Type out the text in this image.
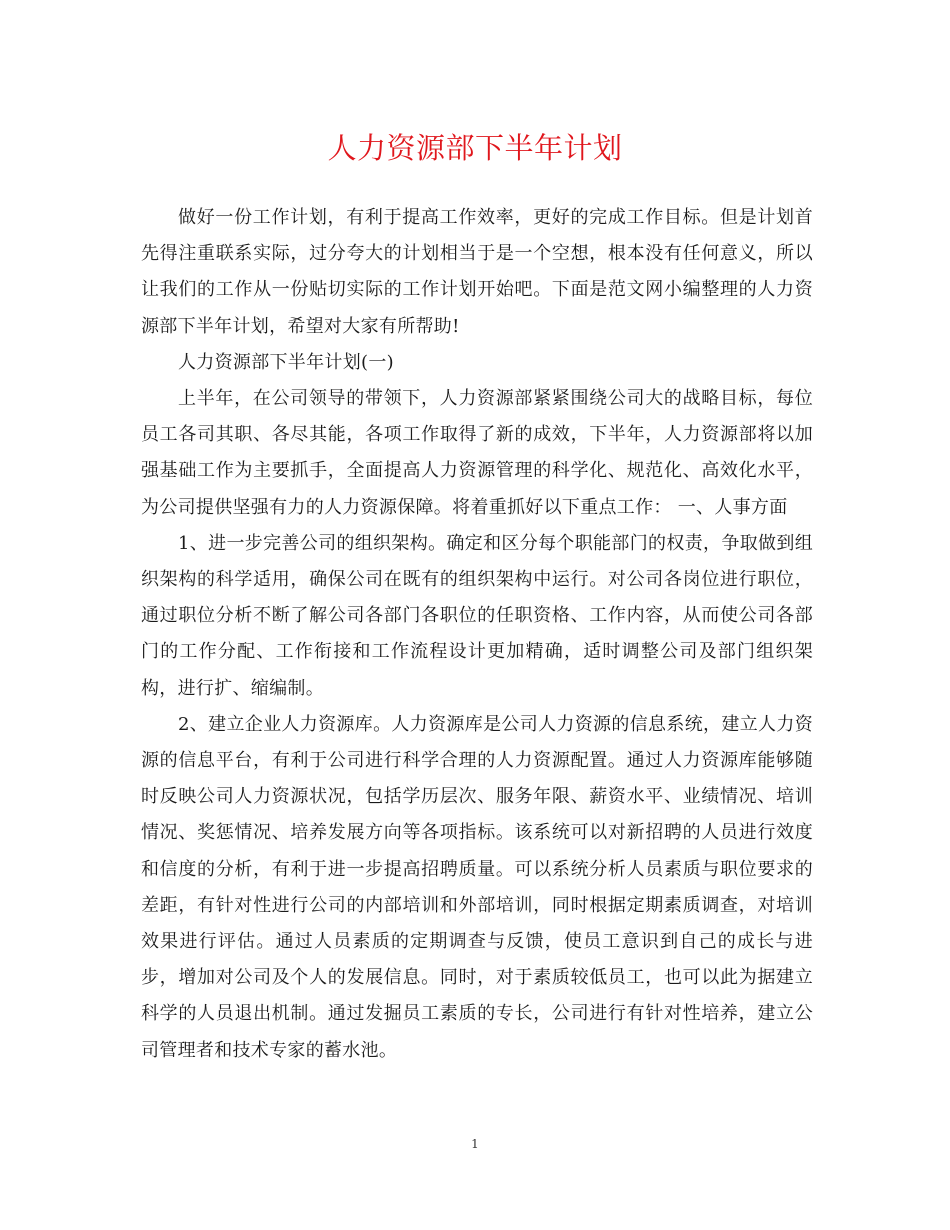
人力资源部下半年计划

做好一份工作计划，有利于提高工作效率，更好的完成工作目标。但是计划首先得注重联系实际，过分夸大的计划相当于是一个空想，根本没有任何意义，所以让我们的工作从一份贴切实际的工作计划开始吧。下面是范文网小编整理的人力资源部下半年计划，希望对大家有所帮助!

人力资源部下半年计划(一)

上半年，在公司领导的带领下，人力资源部紧紧围绕公司大的战略目标，每位员工各司其职、各尽其能，各项工作取得了新的成效，下半年，人力资源部将以加强基础工作为主要抓手，全面提高人力资源管理的科学化、规范化、高效化水平，为公司提供坚强有力的人力资源保障。将着重抓好以下重点工作： 一、人事方面

1、进一步完善公司的组织架构。确定和区分每个职能部门的权责，争取做到组织架构的科学适用，确保公司在既有的组织架构中运行。对公司各岗位进行职位，通过职位分析不断了解公司各部门各职位的任职资格、工作内容，从而使公司各部门的工作分配、工作衔接和工作流程设计更加精确，适时调整公司及部门组织架构，进行扩、缩编制。

2、建立企业人力资源库。人力资源库是公司人力资源的信息系统，建立人力资源的信息平台，有利于公司进行科学合理的人力资源配置。通过人力资源库能够随时反映公司人力资源状况，包括学历层次、服务年限、薪资水平、业绩情况、培训情况、奖惩情况、培养发展方向等各项指标。该系统可以对新招聘的人员进行效度和信度的分析，有利于进一步提高招聘质量。可以系统分析人员素质与职位要求的差距，有针对性进行公司的内部培训和外部培训，同时根据定期素质调查，对培训效果进行评估。通过人员素质的定期调查与反馈，使员工意识到自己的成长与进步，增加对公司及个人的发展信息。同时，对于素质较低员工，也可以此为据建立科学的人员退出机制。通过发掘员工素质的专长，公司进行有针对性培养，建立公司管理者和技术专家的蓄水池。

1
